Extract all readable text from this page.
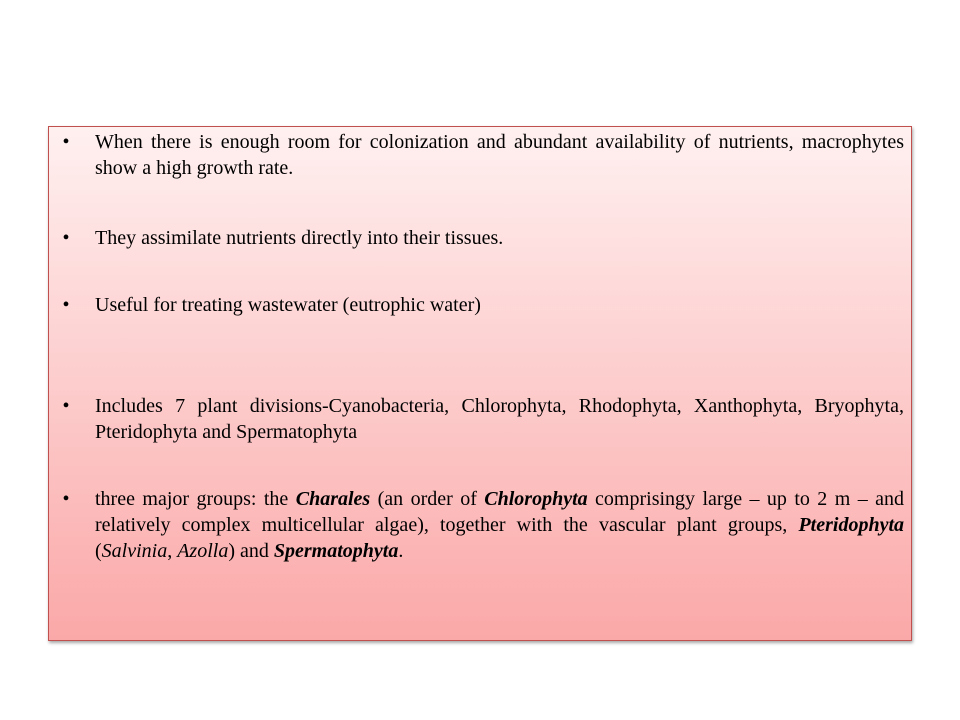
• When there is enough room for colonization and abundant availability of nutrients, macrophytes show a high growth rate.
• They assimilate nutrients directly into their tissues.
• Useful for treating wastewater (eutrophic water)
• Includes 7 plant divisions-Cyanobacteria, Chlorophyta, Rhodophyta, Xanthophyta, Bryophyta, Pteridophyta and Spermatophyta
• three major groups: the Charales (an order of Chlorophyta comprisingy large – up to 2 m – and relatively complex multicellular algae), together with the vascular plant groups, Pteridophyta (Salvinia, Azolla) and Spermatophyta.
